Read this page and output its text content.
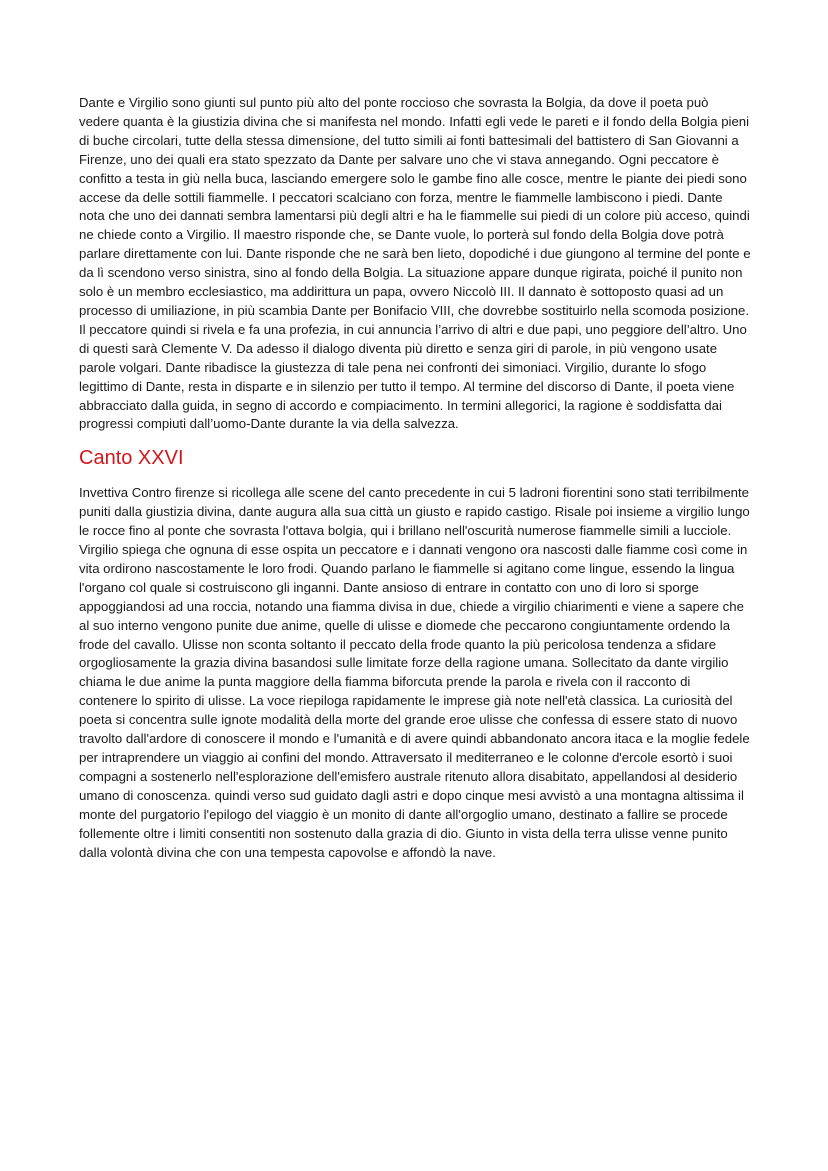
Dante e Virgilio sono giunti sul punto più alto del ponte roccioso che sovrasta la Bolgia, da dove il poeta può vedere quanta è la giustizia divina che si manifesta nel mondo. Infatti egli vede le pareti e il fondo della Bolgia pieni di buche circolari, tutte della stessa dimensione, del tutto simili ai fonti battesimali del battistero di San Giovanni a Firenze, uno dei quali era stato spezzato da Dante per salvare uno che vi stava annegando. Ogni peccatore è confitto a testa in giù nella buca, lasciando emergere solo le gambe fino alle cosce, mentre le piante dei piedi sono accese da delle sottili fiammelle. I peccatori scalciano con forza, mentre le fiammelle lambiscono i piedi. Dante nota che uno dei dannati sembra lamentarsi più degli altri e ha le fiammelle sui piedi di un colore più acceso, quindi ne chiede conto a Virgilio. Il maestro risponde che, se Dante vuole, lo porterà sul fondo della Bolgia dove potrà parlare direttamente con lui. Dante risponde che ne sarà ben lieto, dopodiché i due giungono al termine del ponte e da lì scendono verso sinistra, sino al fondo della Bolgia. La situazione appare dunque rigirata, poiché il punito non solo è un membro ecclesiastico, ma addirittura un papa, ovvero Niccolò III. Il dannato è sottoposto quasi ad un processo di umiliazione, in più scambia Dante per Bonifacio VIII, che dovrebbe sostituirlo nella scomoda posizione. Il peccatore quindi si rivela e fa una profezia, in cui annuncia l’arrivo di altri e due papi, uno peggiore dell’altro. Uno di questi sarà Clemente V. Da adesso il dialogo diventa più diretto e senza giri di parole, in più vengono usate parole volgari. Dante ribadisce la giustezza di tale pena nei confronti dei simoniaci. Virgilio, durante lo sfogo legittimo di Dante, resta in disparte e in silenzio per tutto il tempo. Al termine del discorso di Dante, il poeta viene abbracciato dalla guida, in segno di accordo e compiacimento. In termini allegorici, la ragione è soddisfatta dai progressi compiuti dall’uomo-Dante durante la via della salvezza.

Canto XXVI

Invettiva Contro firenze si ricollega alle scene del canto precedente in cui 5 ladroni fiorentini sono stati terribilmente puniti dalla giustizia divina, dante augura alla sua città un giusto e rapido castigo. Risale poi insieme a virgilio lungo le rocce fino al ponte che sovrasta l'ottava bolgia, qui i brillano nell'oscurità numerose fiammelle simili a lucciole. Virgilio spiega che ognuna di esse ospita un peccatore e i dannati vengono ora nascosti dalle fiamme così come in vita ordirono nascostamente le loro frodi. Quando parlano le fiammelle si agitano come lingue, essendo la lingua l'organo col quale si costruiscono gli inganni. Dante ansioso di entrare in contatto con uno di loro si sporge appoggiandosi ad una roccia, notando una fiamma divisa in due, chiede a virgilio chiarimenti e viene a sapere che al suo interno vengono punite due anime, quelle di ulisse e diomede che peccarono congiuntamente ordendo la frode del cavallo. Ulisse non sconta soltanto il peccato della frode quanto la più pericolosa tendenza a sfidare orgogliosamente la grazia divina basandosi sulle limitate forze della ragione umana. Sollecitato da dante virgilio chiama le due anime la punta maggiore della fiamma biforcuta prende la parola e rivela con il racconto di contenere lo spirito di ulisse. La voce riepiloga rapidamente le imprese già note nell'età classica. La curiosità del poeta si concentra sulle ignote modalità della morte del grande eroe ulisse che confessa di essere stato di nuovo travolto dall'ardore di conoscere il mondo e l'umanità e di avere quindi abbandonato ancora itaca e la moglie fedele per intraprendere un viaggio ai confini del mondo. Attraversato il mediterraneo e le colonne d'ercole esortò i suoi compagni a sostenerlo nell'esplorazione dell'emisfero australe ritenuto allora disabitato, appellandosi al desiderio umano di conoscenza. quindi verso sud guidato dagli astri e dopo cinque mesi avvistò a una montagna altissima il monte del purgatorio l'epilogo del viaggio è un monito di dante all'orgoglio umano, destinato a fallire se procede follemente oltre i limiti consentiti non sostenuto dalla grazia di dio. Giunto in vista della terra ulisse venne punito dalla volontà divina che con una tempesta capovolse e affondò la nave.
